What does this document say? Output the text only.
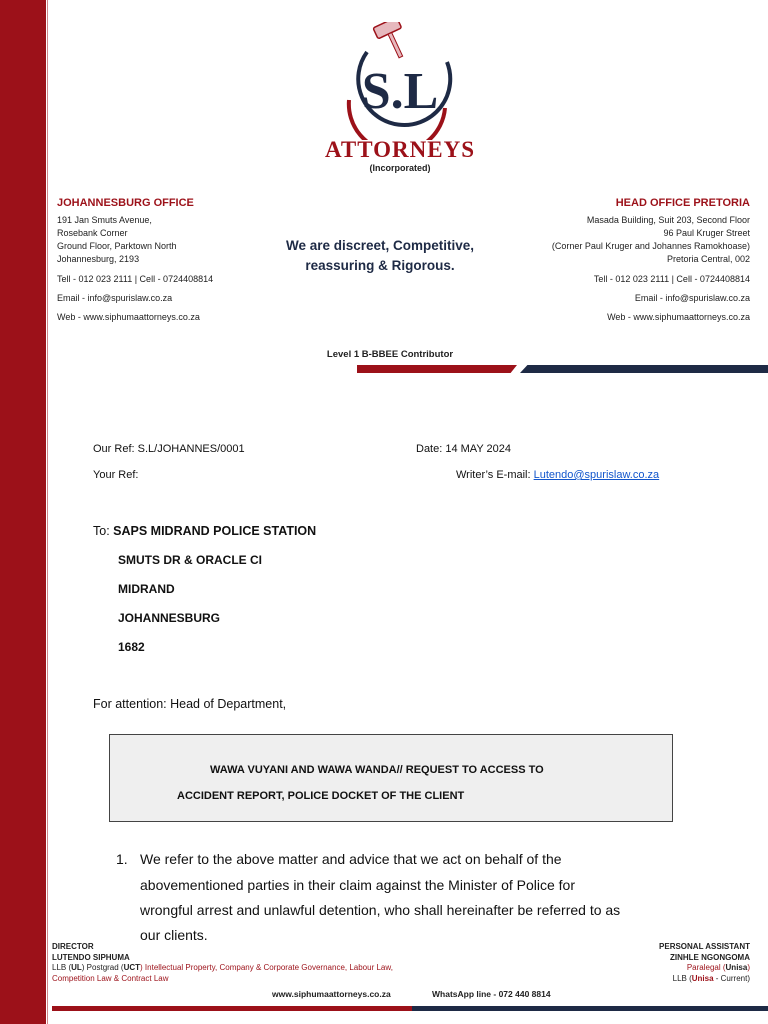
S.L
ATTORNEYS
(Incorporated)
JOHANNESBURG OFFICE
191 Jan Smuts Avenue,
Rosebank Corner
Ground Floor, Parktown North
Johannesburg, 2193
Tell - 012 023 2111 | Cell - 0724408814
Email - info@spurislaw.co.za
Web - www.siphumaattorneys.co.za
HEAD OFFICE PRETORIA
Masada Building, Suit 203, Second Floor
96 Paul Kruger Street
(Corner Paul Kruger and Johannes Ramokhoase)
Pretoria Central, 002
Tell - 012 023 2111 | Cell - 0724408814
Email - info@spurislaw.co.za
Web - www.siphumaattorneys.co.za
We are discreet, Competitive,
reassuring & Rigorous.
Level 1 B-BBEE Contributor
Our Ref: S.L/JOHANNES/0001	Date: 14 MAY 2024
Your Ref:	Writer’s E-mail: Lutendo@spurislaw.co.za
To: SAPS MIDRAND POLICE STATION
SMUTS DR & ORACLE CI
MIDRAND
JOHANNESBURG
1682
For attention: Head of Department,
WAWA VUYANI AND WAWA WANDA// REQUEST TO ACCESS TO
ACCIDENT REPORT, POLICE DOCKET OF THE CLIENT
1. We refer to the above matter and advice that we act on behalf of the
abovementioned parties in their claim against the Minister of Police for
wrongful arrest and unlawful detention, who shall hereinafter be referred to as
our clients.
DIRECTOR
LUTENDO SIPHUMA
LLB (UL) Postgrad (UCT) Intellectual Property, Company & Corporate Governance, Labour Law,
Competition Law & Contract Law
PERSONAL ASSISTANT
ZINHLE NGONGOMA
Paralegal (Unisa)
LLB (Unisa - Current)
www.siphumaattorneys.co.za	WhatsApp line - 072 440 8814
